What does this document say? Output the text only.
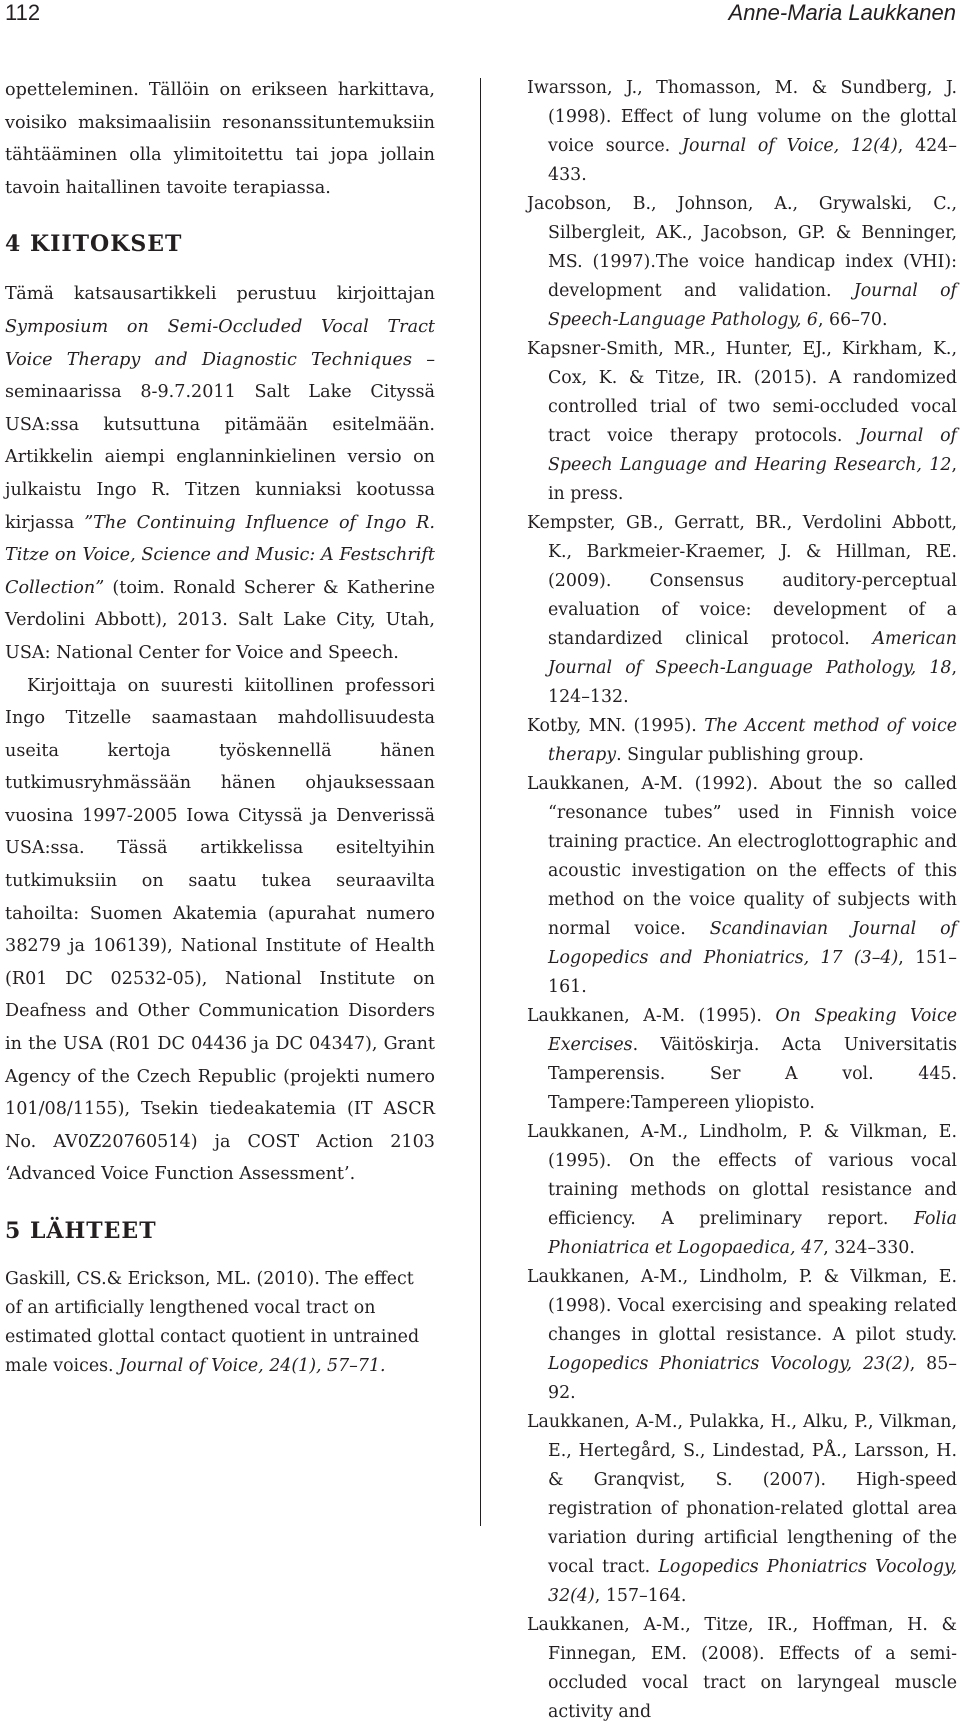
112	Anne-Maria Laukkanen

opetteleminen. Tällöin on erikseen harkittava, voisiko maksimaalisiin resonanssituntemuksiin tähtääminen olla ylimitoitettu tai jopa jollain tavoin haitallinen tavoite terapiassa.

4 KIITOKSET

Tämä katsausartikkeli perustuu kirjoittajan Symposium on Semi-Occluded Vocal Tract Voice Therapy and Diagnostic Techniques – seminaarissa 8-9.7.2011 Salt Lake Cityssä USA:ssa kutsuttuna pitämään esitelmään. Artikkelin aiempi englanninkielinen versio on julkaistu Ingo R. Titzen kunniaksi kootussa kirjassa ”The Continuing Influence of Ingo R. Titze on Voice, Science and Music: A Festschrift Collection” (toim. Ronald Scherer & Katherine Verdolini Abbott), 2013. Salt Lake City, Utah, USA: National Center for Voice and Speech.

Kirjoittaja on suuresti kiitollinen professori Ingo Titzelle saamastaan mahdollisuudesta useita kertoja työskennellä hänen tutkimusryhmässään hänen ohjauksessaan vuosina 1997-2005 Iowa Cityssä ja Denverissä USA:ssa. Tässä artikkelissa esiteltyihin tutkimuksiin on saatu tukea seuraavilta tahoilta: Suomen Akatemia (apurahat numero 38279 ja 106139), National Institute of Health (R01 DC 02532-05), National Institute on Deafness and Other Communication Disorders in the USA (R01 DC 04436 ja DC 04347), Grant Agency of the Czech Republic (projekti numero 101/08/1155), Tsekin tiedeakatemia (IT ASCR No. AV0Z20760514) ja COST Action 2103 ‘Advanced Voice Function Assessment’.

5 LÄHTEET

Gaskill, CS.& Erickson, ML. (2010). The effect of an artificially lengthened vocal tract on estimated glottal contact quotient in untrained male voices. Journal of Voice, 24(1), 57–71.

Iwarsson, J., Thomasson, M. & Sundberg, J. (1998). Effect of lung volume on the glottal voice source. Journal of Voice, 12(4), 424–433.

Jacobson, B., Johnson, A., Grywalski, C., Silbergleit, AK., Jacobson, GP. & Benninger, MS. (1997).The voice handicap index (VHI): development and validation. Journal of Speech-Language Pathology, 6, 66–70.

Kapsner-Smith, MR., Hunter, EJ., Kirkham, K., Cox, K. & Titze, IR. (2015). A randomized controlled trial of two semi-occluded vocal tract voice therapy protocols. Journal of Speech Language and Hearing Research, 12, in press.

Kempster, GB., Gerratt, BR., Verdolini Abbott, K., Barkmeier-Kraemer, J. & Hillman, RE. (2009). Consensus auditory-perceptual evaluation of voice: development of a standardized clinical protocol. American Journal of Speech-Language Pathology, 18, 124–132.

Kotby, MN. (1995). The Accent method of voice therapy. Singular publishing group.

Laukkanen, A-M. (1992). About the so called “resonance tubes” used in Finnish voice training practice. An electroglottographic and acoustic investigation on the effects of this method on the voice quality of subjects with normal voice. Scandinavian Journal of Logopedics and Phoniatrics, 17 (3–4), 151–161.

Laukkanen, A-M. (1995). On Speaking Voice Exercises. Väitöskirja. Acta Universitatis Tamperensis. Ser A vol. 445. Tampere:Tampereen yliopisto.

Laukkanen, A-M., Lindholm, P. & Vilkman, E. (1995). On the effects of various vocal training methods on glottal resistance and efficiency. A preliminary report. Folia Phoniatrica et Logopaedica, 47, 324–330.

Laukkanen, A-M., Lindholm, P. & Vilkman, E. (1998). Vocal exercising and speaking related changes in glottal resistance. A pilot study. Logopedics Phoniatrics Vocology, 23(2), 85–92.

Laukkanen, A-M., Pulakka, H., Alku, P., Vilkman, E., Hertegård, S., Lindestad, PÅ., Larsson, H. & Granqvist, S. (2007). High-speed registration of phonation-related glottal area variation during artificial lengthening of the vocal tract. Logopedics Phoniatrics Vocology, 32(4), 157–164.

Laukkanen, A-M., Titze, IR., Hoffman, H. & Finnegan, EM. (2008). Effects of a semi-occluded vocal tract on laryngeal muscle activity and
